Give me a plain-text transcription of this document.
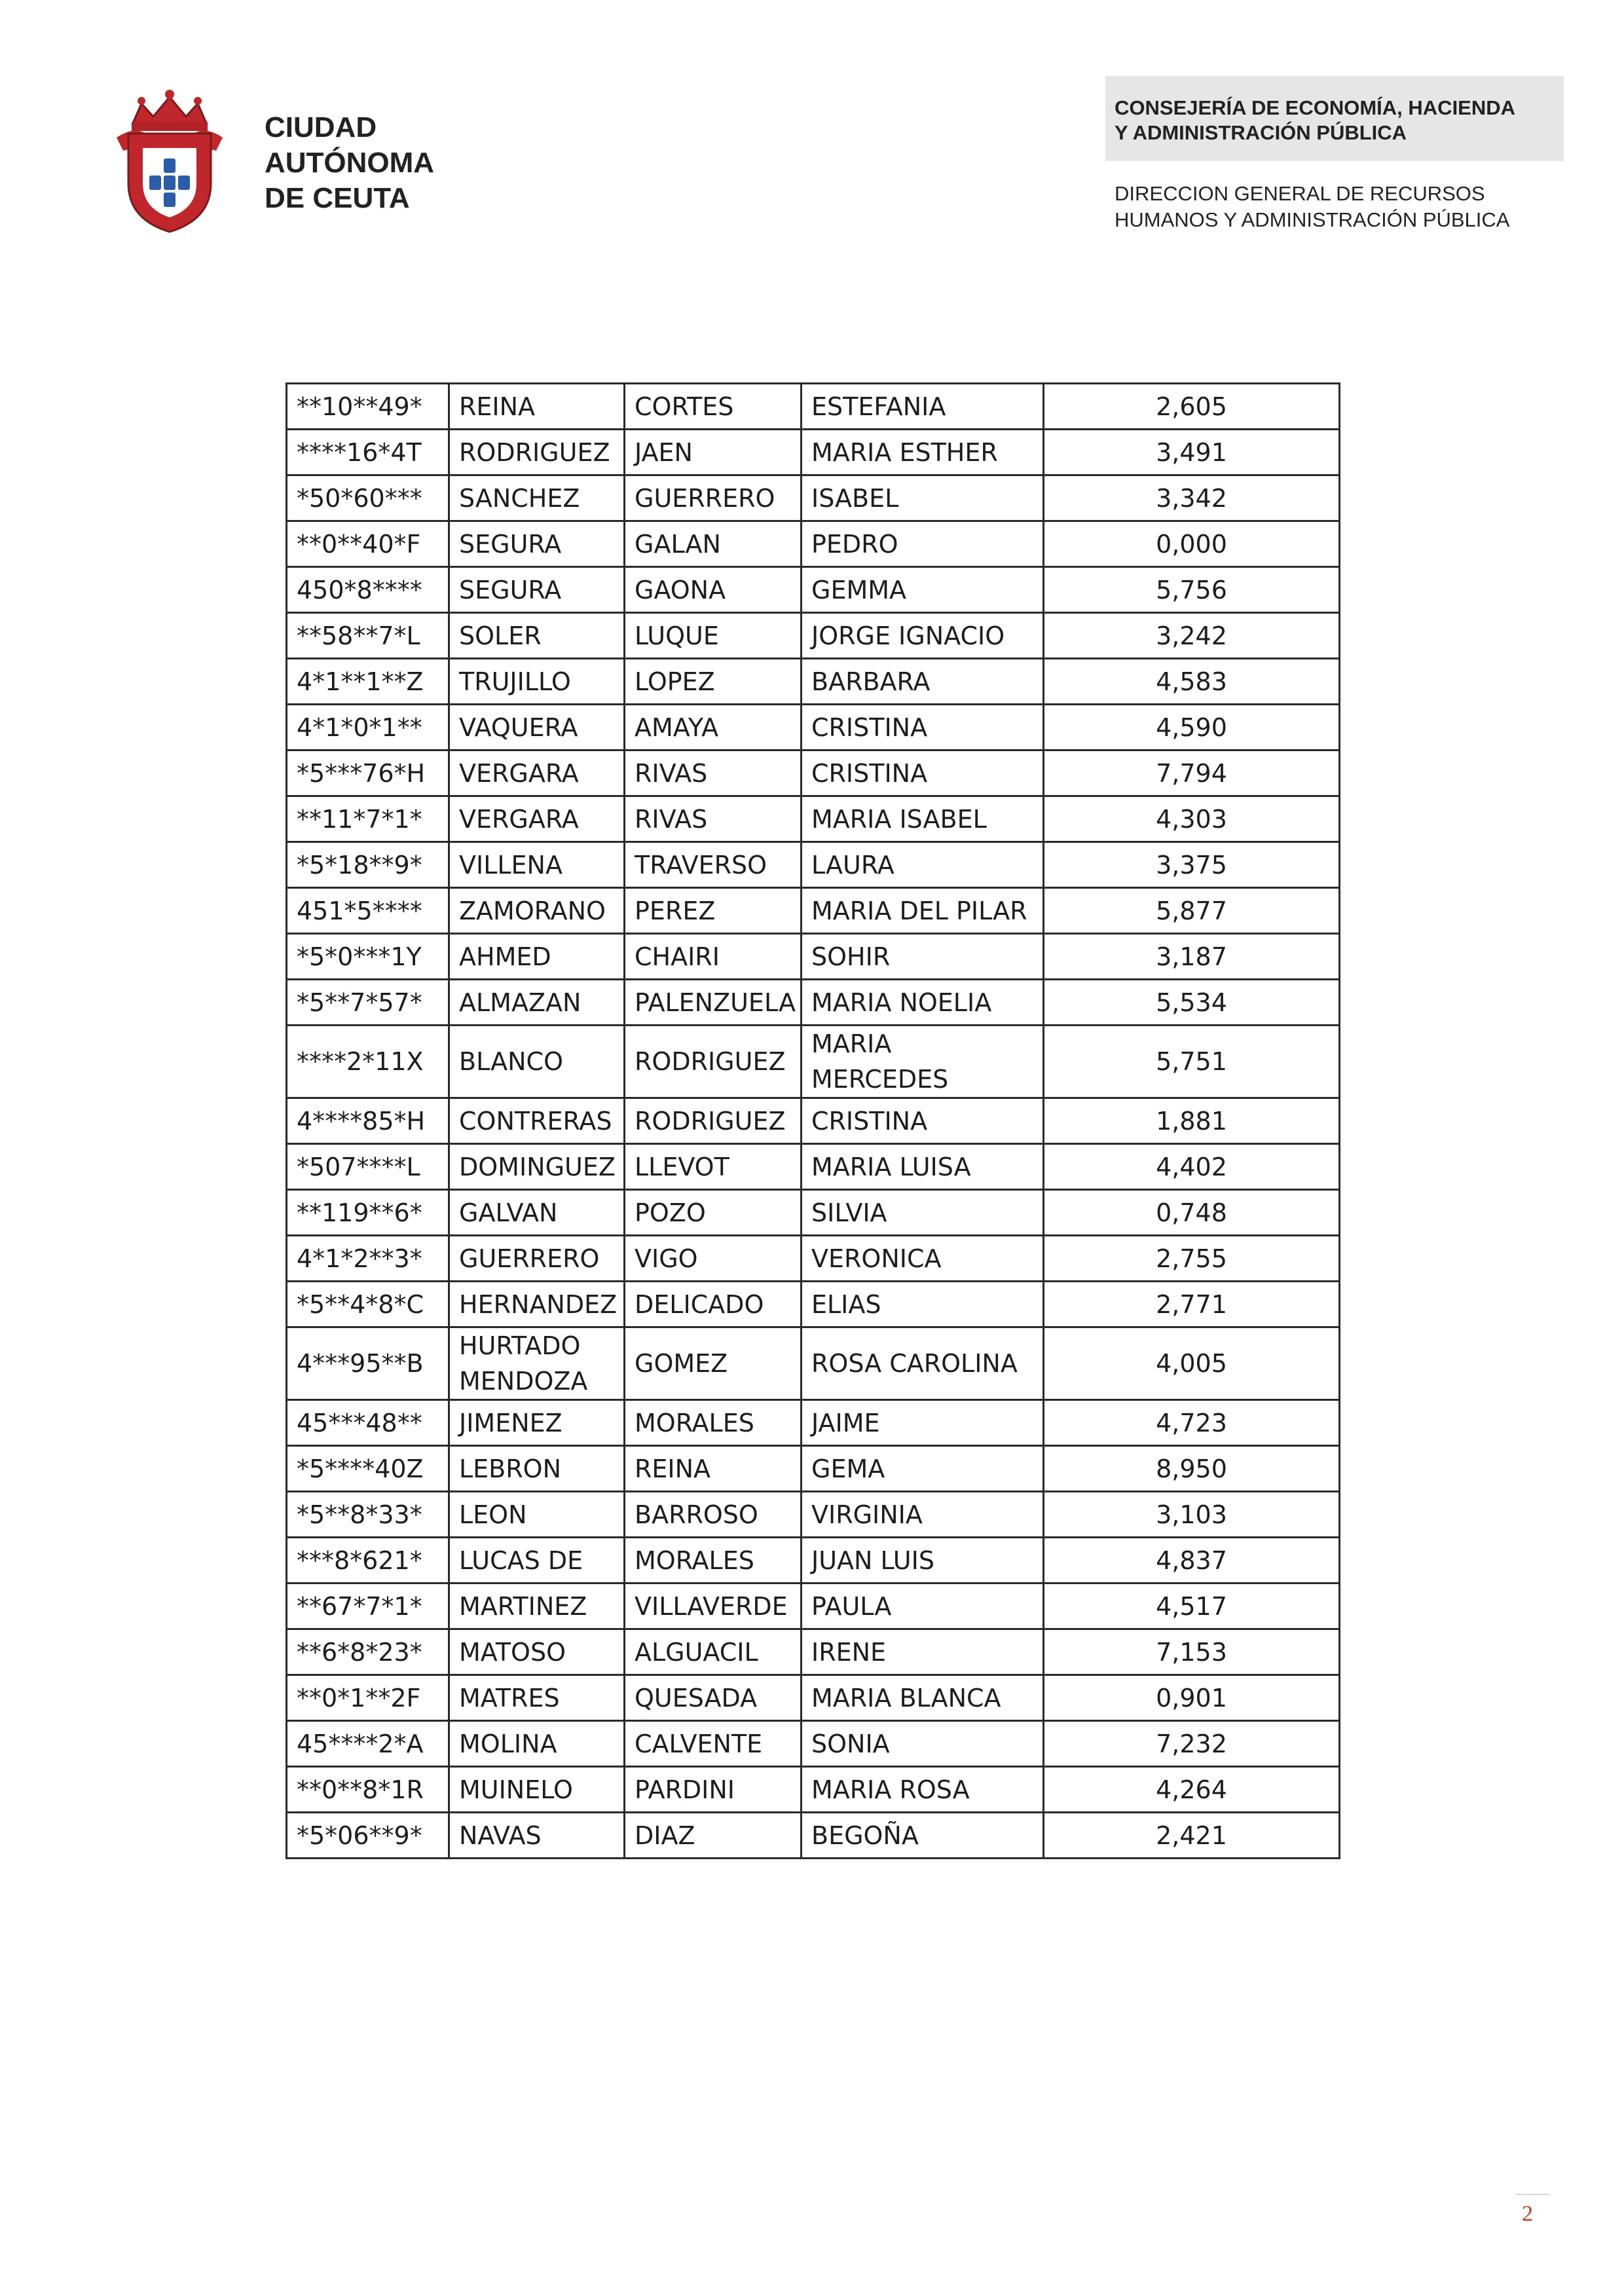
CIUDAD
AUTÓNOMA
DE CEUTA
CONSEJERÍA DE ECONOMÍA, HACIENDA
Y ADMINISTRACIÓN PÚBLICA
DIRECCION GENERAL DE RECURSOS
HUMANOS Y ADMINISTRACIÓN PÚBLICA
**10**49*	REINA	CORTES	ESTEFANIA	2,605
****16*4T	RODRIGUEZ	JAEN	MARIA ESTHER	3,491
*50*60***	SANCHEZ	GUERRERO	ISABEL	3,342
**0**40*F	SEGURA	GALAN	PEDRO	0,000
450*8****	SEGURA	GAONA	GEMMA	5,756
**58**7*L	SOLER	LUQUE	JORGE IGNACIO	3,242
4*1**1**Z	TRUJILLO	LOPEZ	BARBARA	4,583
4*1*0*1**	VAQUERA	AMAYA	CRISTINA	4,590
*5***76*H	VERGARA	RIVAS	CRISTINA	7,794
**11*7*1*	VERGARA	RIVAS	MARIA ISABEL	4,303
*5*18**9*	VILLENA	TRAVERSO	LAURA	3,375
451*5****	ZAMORANO	PEREZ	MARIA DEL PILAR	5,877
*5*0***1Y	AHMED	CHAIRI	SOHIR	3,187
*5**7*57*	ALMAZAN	PALENZUELA	MARIA NOELIA	5,534
****2*11X	BLANCO	RODRIGUEZ	MARIA MERCEDES	5,751
4****85*H	CONTRERAS	RODRIGUEZ	CRISTINA	1,881
*507****L	DOMINGUEZ	LLEVOT	MARIA LUISA	4,402
**119**6*	GALVAN	POZO	SILVIA	0,748
4*1*2**3*	GUERRERO	VIGO	VERONICA	2,755
*5**4*8*C	HERNANDEZ	DELICADO	ELIAS	2,771
4***95**B	HURTADO MENDOZA	GOMEZ	ROSA CAROLINA	4,005
45***48**	JIMENEZ	MORALES	JAIME	4,723
*5****40Z	LEBRON	REINA	GEMA	8,950
*5**8*33*	LEON	BARROSO	VIRGINIA	3,103
***8*621*	LUCAS DE	MORALES	JUAN LUIS	4,837
**67*7*1*	MARTINEZ	VILLAVERDE	PAULA	4,517
**6*8*23*	MATOSO	ALGUACIL	IRENE	7,153
**0*1**2F	MATRES	QUESADA	MARIA BLANCA	0,901
45****2*A	MOLINA	CALVENTE	SONIA	7,232
**0**8*1R	MUINELO	PARDINI	MARIA ROSA	4,264
*5*06**9*	NAVAS	DIAZ	BEGOÑA	2,421
2
